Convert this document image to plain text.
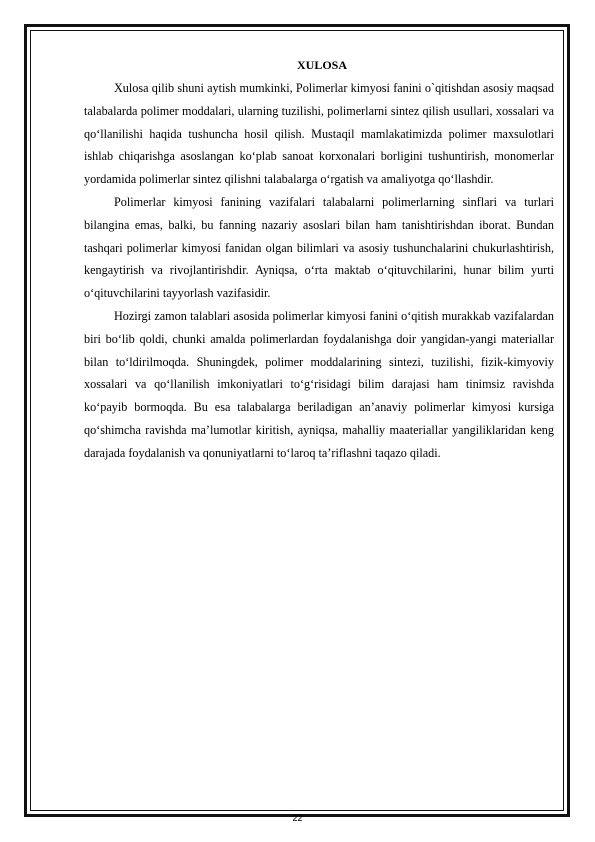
XULOSA

Xulosa qilib shuni aytish mumkinki, Polimerlar kimyosi fanini o`qitishdan asosiy maqsad talabalarda polimer moddalari, ularning tuzilishi, polimerlarni sintez qilish usullari, xossalari va qo‘llanilishi haqida tushuncha hosil qilish. Mustaqil mamlakatimizda polimer maxsulotlari ishlab chiqarishga asoslangan ko‘plab sanoat korxonalari borligini tushuntirish, monomerlar yordamida polimerlar sintez qilishni talabalarga o‘rgatish va amaliyotga qo‘llashdir.

Polimerlar kimyosi fanining vazifalari talabalarni polimerlarning sinflari va turlari bilangina emas, balki, bu fanning nazariy asoslari bilan ham tanishtirishdan iborat. Bundan tashqari polimerlar kimyosi fanidan olgan bilimlari va asosiy tushunchalarini chukurlashtirish, kengaytirish va rivojlantirishdir. Ayniqsa, o‘rta maktab o‘qituvchilarini, hunar bilim yurti o‘qituvchilarini tayyorlash vazifasidir.

Hozirgi zamon talablari asosida polimerlar kimyosi fanini o‘qitish murakkab vazifalardan biri bo‘lib qoldi, chunki amalda polimerlardan foydalanishga doir yangidan-yangi materiallar bilan to‘ldirilmoqda. Shuningdek, polimer moddalarining sintezi, tuzilishi, fizik-kimyoviy xossalari va qo‘llanilish imkoniyatlari to‘g‘risidagi bilim darajasi ham tinimsiz ravishda ko‘payib bormoqda. Bu esa talabalarga beriladigan an’anaviy polimerlar kimyosi kursiga qo‘shimcha ravishda ma’lumotlar kiritish, ayniqsa, mahalliy maateriallar yangiliklaridan keng darajada foydalanish va qonuniyatlarni to‘laroq ta’riflashni taqazo qiladi.

22
